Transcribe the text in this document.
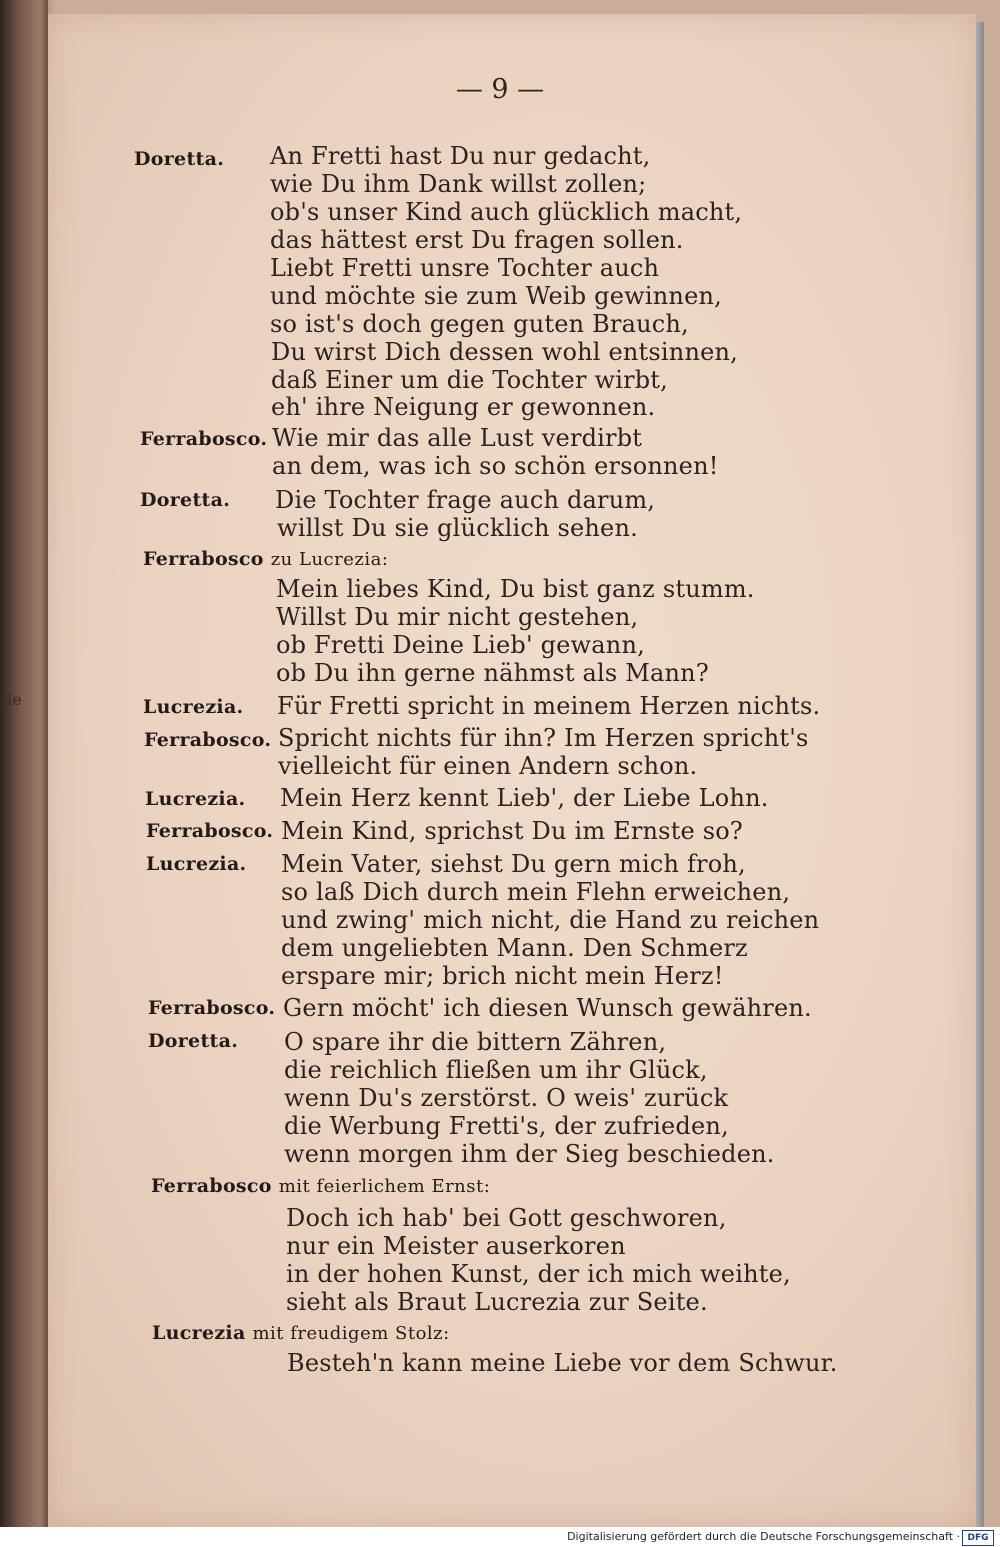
de
— 9 —
Doretta.
Ferrabosco.
Doretta.
Ferrabosco zu Lucrezia:
Lucrezia.
Ferrabosco.
Lucrezia.
Ferrabosco.
Lucrezia.
Ferrabosco.
Doretta.
Ferrabosco mit feierlichem Ernst:
Lucrezia mit freudigem Stolz:
An Fretti hast Du nur gedacht,
wie Du ihm Dank willst zollen;
ob's unser Kind auch glücklich macht,
das hättest erst Du fragen sollen.
Liebt Fretti unsre Tochter auch
und möchte sie zum Weib gewinnen,
so ist's doch gegen guten Brauch,
Du wirst Dich dessen wohl entsinnen,
daß Einer um die Tochter wirbt,
eh' ihre Neigung er gewonnen.
Wie mir das alle Lust verdirbt
an dem, was ich so schön ersonnen!
Die Tochter frage auch darum,
willst Du sie glücklich sehen.
Mein liebes Kind, Du bist ganz stumm.
Willst Du mir nicht gestehen,
ob Fretti Deine Lieb' gewann,
ob Du ihn gerne nähmst als Mann?
Für Fretti spricht in meinem Herzen nichts.
Spricht nichts für ihn? Im Herzen spricht's
vielleicht für einen Andern schon.
Mein Herz kennt Lieb', der Liebe Lohn.
Mein Kind, sprichst Du im Ernste so?
Mein Vater, siehst Du gern mich froh,
so laß Dich durch mein Flehn erweichen,
und zwing' mich nicht, die Hand zu reichen
dem ungeliebten Mann. Den Schmerz
erspare mir; brich nicht mein Herz!
Gern möcht' ich diesen Wunsch gewähren.
O spare ihr die bittern Zähren,
die reichlich fließen um ihr Glück,
wenn Du's zerstörst. O weis' zurück
die Werbung Fretti's, der zufrieden,
wenn morgen ihm der Sieg beschieden.
Doch ich hab' bei Gott geschworen,
nur ein Meister auserkoren
in der hohen Kunst, der ich mich weihte,
sieht als Braut Lucrezia zur Seite.
Besteh'n kann meine Liebe vor dem Schwur.
Digitalisierung gefördert durch die Deutsche Forschungsgemeinschaft · DFG
